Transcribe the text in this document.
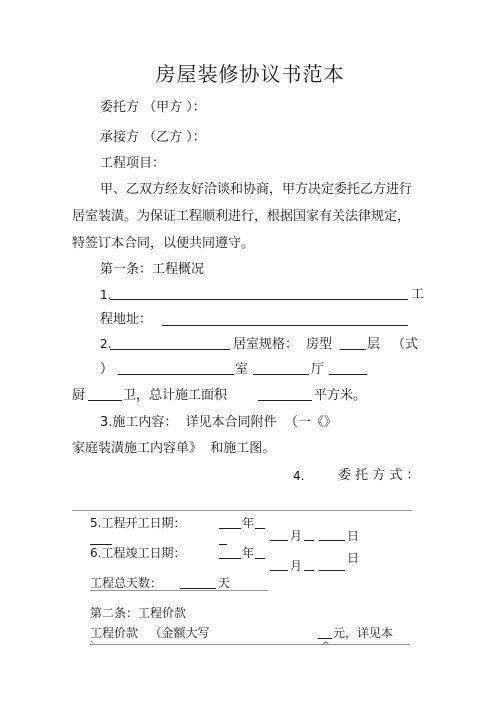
房屋装修协议书范本
委托方 （甲方 ）：
承接方 （乙方 ）：
工程项目：
甲、乙双方经友好洽谈和协商，甲方决定委托乙方进行
居室装潢。为保证工程顺利进行，根据国家有关法律规定，
特签订本合同，以便共同遵守。
第一条：工程概况
1.	工
程地址：
2.	居室规格： 房型	层 （式
）	室	厅
厨	卫，总计施工面积	平方米。
3.施工内容：  详见本合同附件  （一《》
家庭装潢施工内容单》  和施工图。
4.	委 托 方 式 ：
5.工程开工日期：	年
月	日
6.工程竣工日期：	年
月
日
工程总天数：	天
第二条：工程价款
工程价款   （金额大写	元，详见本
`	^
